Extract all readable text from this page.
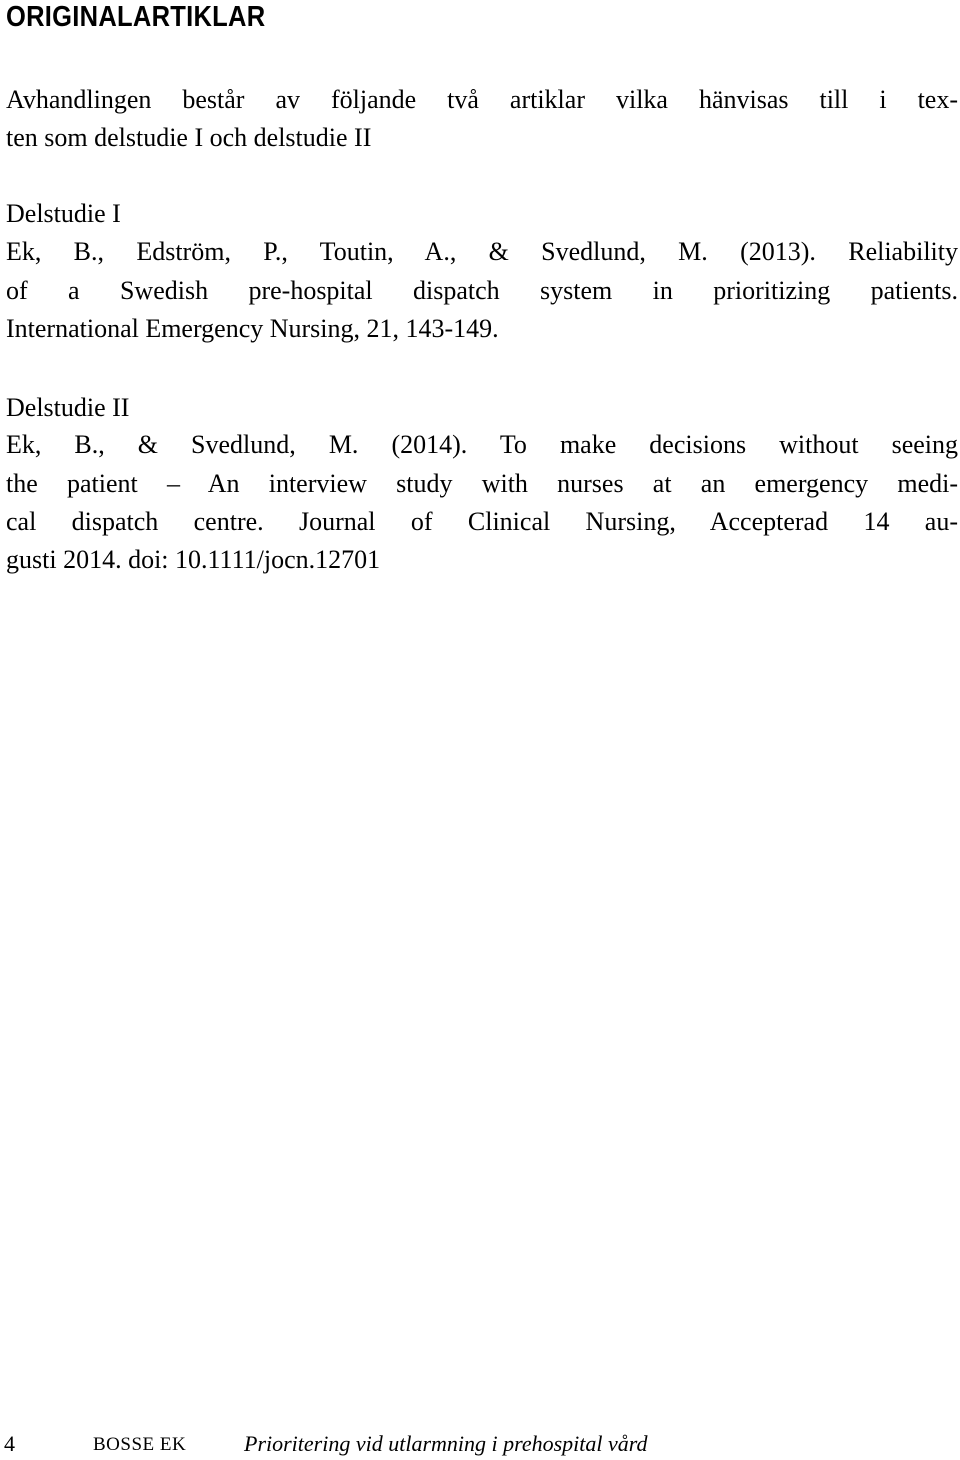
ORIGINALARTIKLAR

Avhandlingen består av följande två artiklar vilka hänvisas till i tex-

ten som delstudie I och delstudie II

Delstudie I

Ek, B., Edström, P., Toutin, A., & Svedlund, M. (2013). Reliability

of a Swedish pre-hospital dispatch system in prioritizing patients.

International Emergency Nursing, 21, 143-149.

Delstudie II

Ek, B., & Svedlund, M. (2014). To make decisions without seeing

the patient – An interview study with nurses at an emergency medi-

cal dispatch centre. Journal of Clinical Nursing, Accepterad 14 au-

gusti 2014. doi: 10.1111/jocn.12701

4	BOSSE EK	Prioritering vid utlarmning i prehospital vård
